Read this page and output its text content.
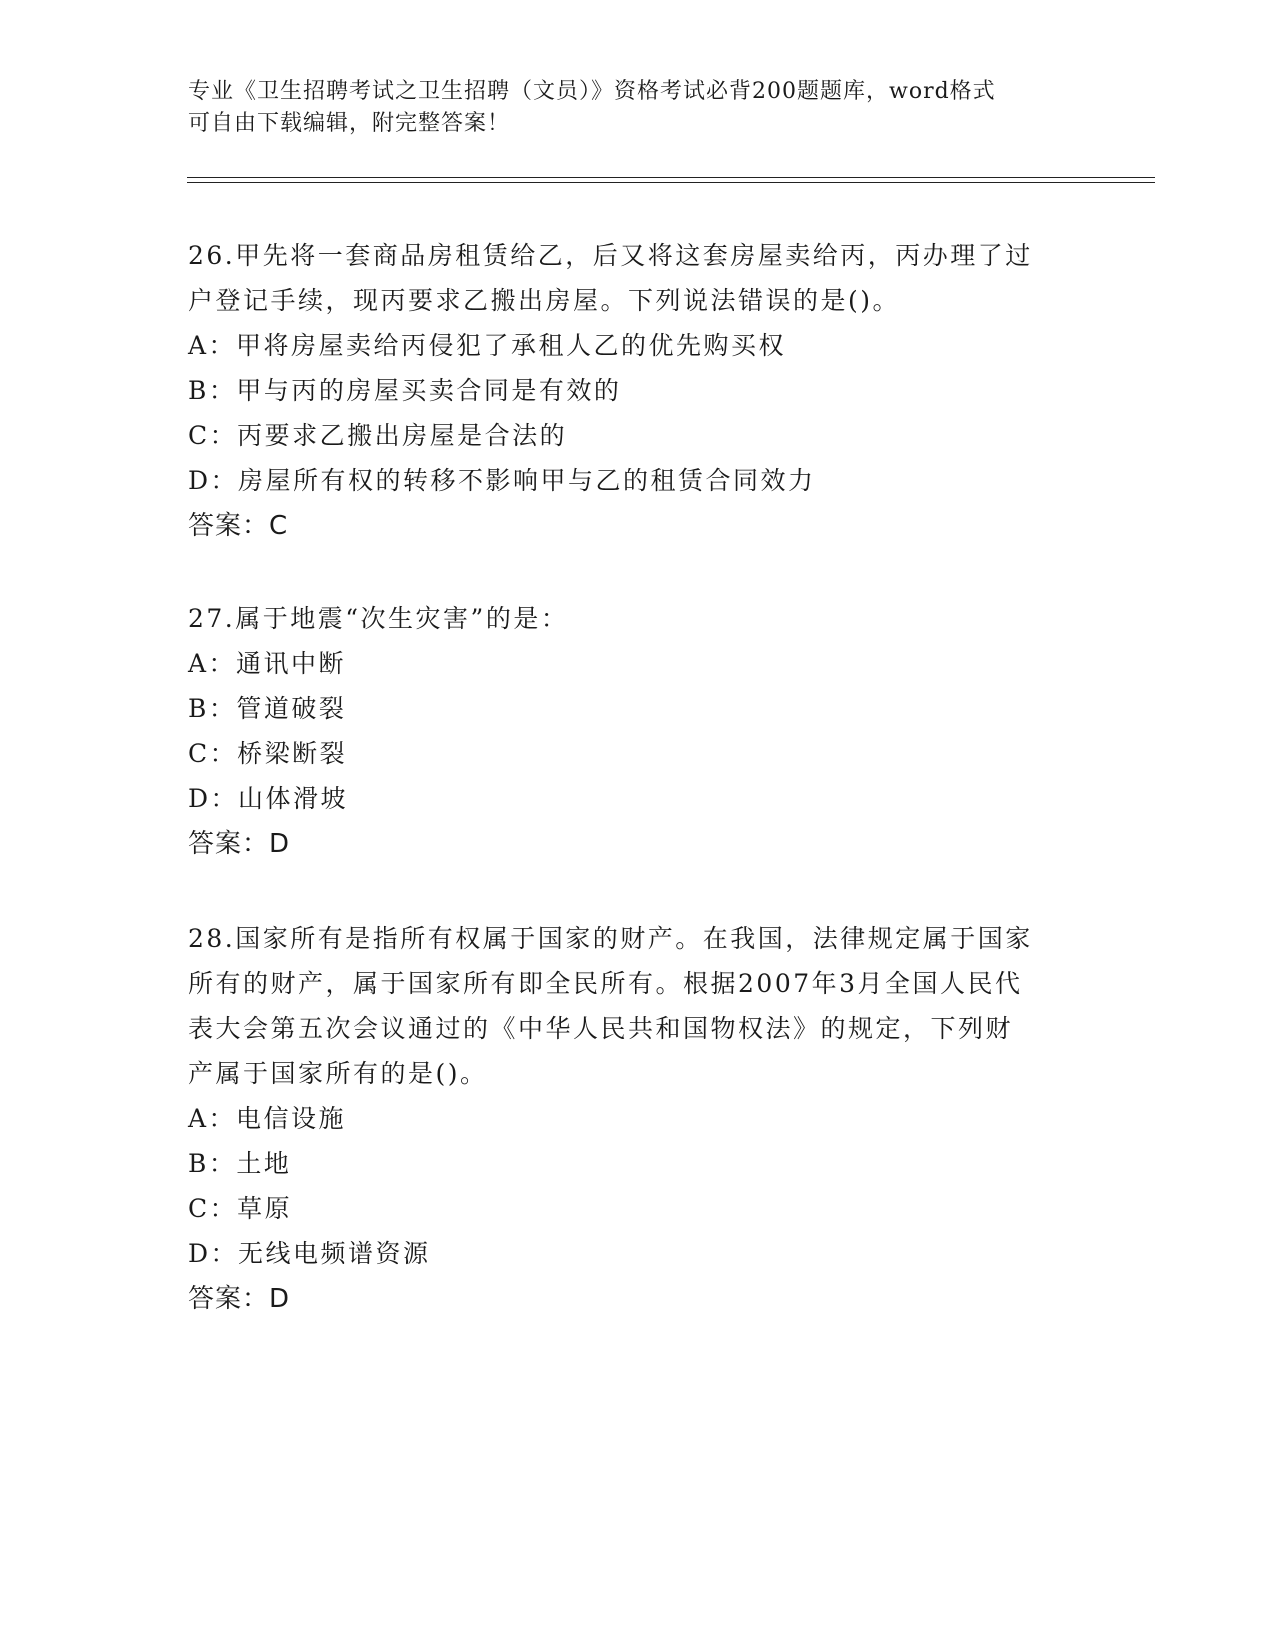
专业《卫生招聘考试之卫生招聘（文员）》资格考试必背200题题库，word格式
可自由下载编辑，附完整答案！
26.甲先将一套商品房租赁给乙，后又将这套房屋卖给丙，丙办理了过
户登记手续，现丙要求乙搬出房屋。下列说法错误的是()。
A：甲将房屋卖给丙侵犯了承租人乙的优先购买权
B：甲与丙的房屋买卖合同是有效的
C：丙要求乙搬出房屋是合法的
D：房屋所有权的转移不影响甲与乙的租赁合同效力
答案：C
27.属于地震“次生灾害”的是：
A：通讯中断
B：管道破裂
C：桥梁断裂
D：山体滑坡
答案：D
28.国家所有是指所有权属于国家的财产。在我国，法律规定属于国家
所有的财产，属于国家所有即全民所有。根据2007年3月全国人民代
表大会第五次会议通过的《中华人民共和国物权法》的规定，下列财
产属于国家所有的是()。
A：电信设施
B：土地
C：草原
D：无线电频谱资源
答案：D
